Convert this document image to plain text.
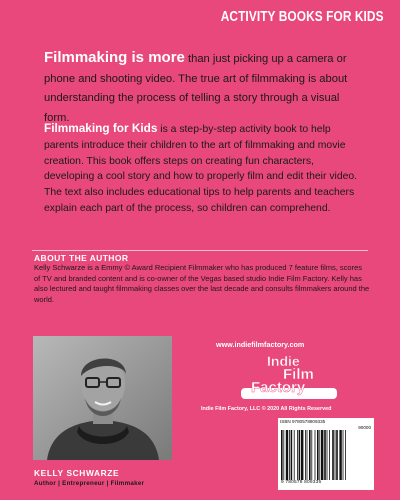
ACTIVITY BOOKS FOR KIDS
Filmmaking is more than just picking up a camera or phone and shooting video. The true art of filmmaking is about understanding the process of telling a story through a visual form.
Filmmaking for Kids is a step-by-step activity book to help parents introduce their children to the art of filmmaking and movie creation. This book offers steps on creating fun characters, developing a cool story and how to properly film and edit their video. The text also includes educational tips to help parents and teachers explain each part of the process, so children can comprehend.
ABOUT THE AUTHOR
Kelly Schwarze is a Emmy © Award Recipient Filmmaker who has produced 7 feature films, scores of TV and branded content and is co-owner of the Vegas based studio Indie Film Factory. Kelly has also lectured and taught filmmaking classes over the last decade and consults filmmakers around the world.
KELLY SCHWARZE
Author | Entrepreneur | Filmmaker
www.indiefilmfactory.com
Indie
Film
Factory
Indie Film Factory, LLC © 2020 All Rights Reserved
ISBN 9780578809335
90000
9 780578 809335
